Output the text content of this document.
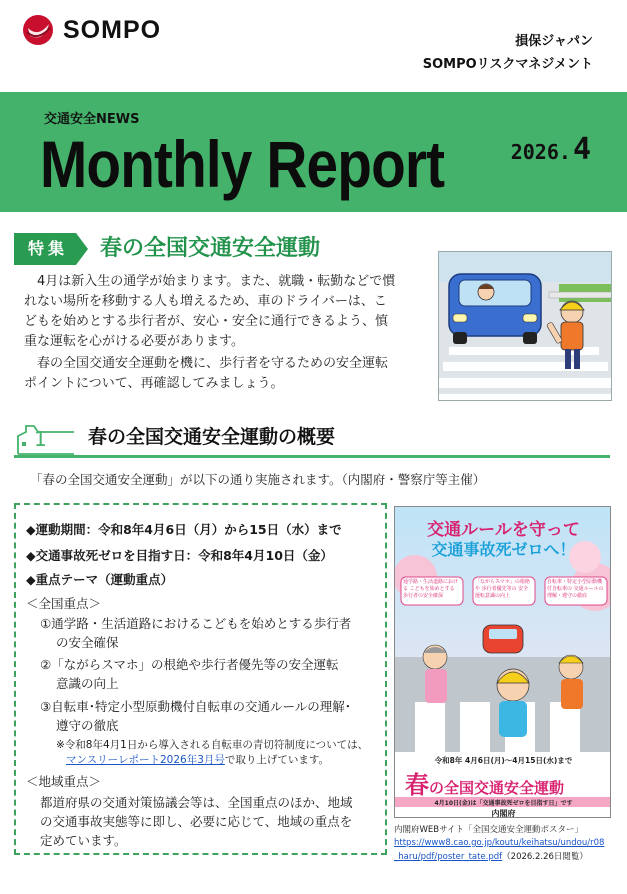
SOMPO	損保ジャパン
SOMPOリスクマネジメント
交通安全NEWS
Monthly Report	2026. 4
特集	春の全国交通安全運動
4月は新入生の通学が始まります。また、就職・転勤などで慣
れない場所を移動する人も増えるため、車のドライバーは、こ
どもを始めとする歩行者が、安心・安全に通行できるよう、慎
重な運転を心がける必要があります。
春の全国交通安全運動を機に、歩行者を守るための安全運転
ポイントについて、再確認してみましょう。
1 春の全国交通安全運動の概要
「春の全国交通安全運動」が以下の通り実施されます。（内閣府・警察庁等主催）
◆運動期間：令和8年4月6日（月）から15日（水）まで
◆交通事故死ゼロを目指す日：令和8年4月10日（金）
◆重点テーマ（運動重点）
＜全国重点＞
①通学路・生活道路におけるこどもを始めとする歩行者
の安全確保
②「ながらスマホ」の根絶や歩行者優先等の安全運転
意識の向上
③自転車･特定小型原動機付自転車の交通ルールの理解･
遵守の徹底
※令和8年4月1日から導入される自転車の青切符制度については、
マンスリーレポート2026年3月号で取り上げています。
＜地域重点＞
都道府県の交通対策協議会等は、全国重点のほか、地域
の交通事故実態等に即し、必要に応じて、地域の重点を
定めています。
交通ルールを守って
交通事故死ゼロへ！
通学路・生活道路における こどもを始めとする 歩行者の安全確保
「ながらスマホ」の根絶や 歩行者優先等の 安全運転意識の向上
自転車・特定小型原動機付自転車の 交通ルールの理解・遵守の徹底
令和8年 4月6日(月)～4月15日(水)まで
春の全国交通安全運動
4月10日(金)は「交通事故死ゼロを目指す日」です
内閣府
内閣府WEBサイト「全国交通安全運動ポスター」
https://www8.cao.go.jp/koutu/keihatsu/undou/r08
_haru/pdf/poster_tate.pdf（2026.2.26日閲覧）
